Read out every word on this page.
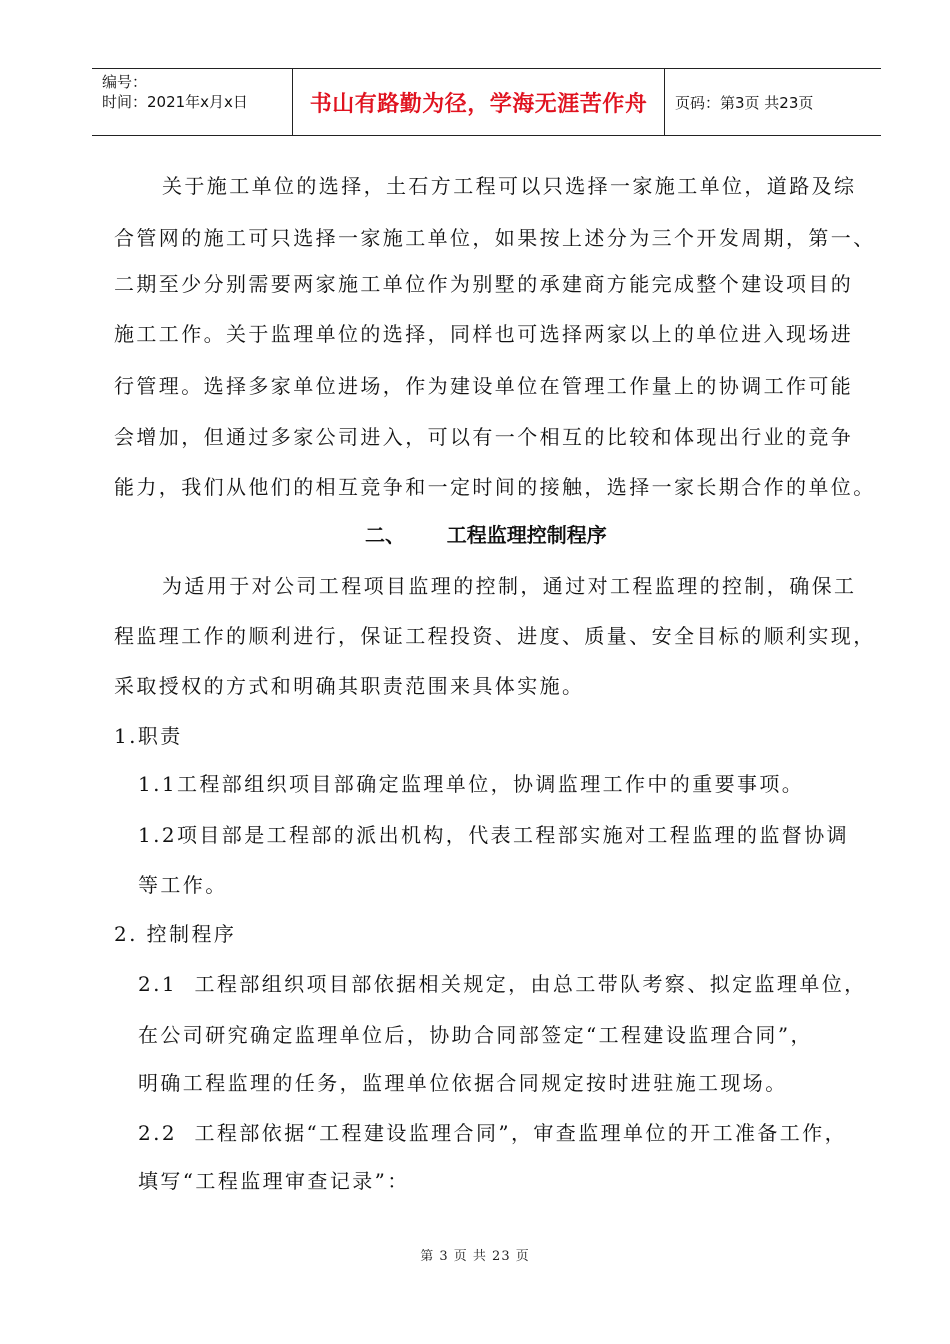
编号：
时间：2021年x月x日	书山有路勤为径，学海无涯苦作舟 页码：第3页 共23页
关于施工单位的选择，土石方工程可以只选择一家施工单位，道路及综
合管网的施工可只选择一家施工单位，如果按上述分为三个开发周期，第一、
二期至少分别需要两家施工单位作为别墅的承建商方能完成整个建设项目的
施工工作。关于监理单位的选择，同样也可选择两家以上的单位进入现场进
行管理。选择多家单位进场，作为建设单位在管理工作量上的协调工作可能
会增加，但通过多家公司进入，可以有一个相互的比较和体现出行业的竞争
能力，我们从他们的相互竞争和一定时间的接触，选择一家长期合作的单位。
二、      工程监理控制程序
为适用于对公司工程项目监理的控制，通过对工程监理的控制，确保工
程监理工作的顺利进行，保证工程投资、进度、质量、安全目标的顺利实现，
采取授权的方式和明确其职责范围来具体实施。
1.职责
1.1工程部组织项目部确定监理单位，协调监理工作中的重要事项。
1.2项目部是工程部的派出机构，代表工程部实施对工程监理的监督协调
等工作。
2. 控制程序
2.1  工程部组织项目部依据相关规定，由总工带队考察、拟定监理单位，
在公司研究确定监理单位后，协助合同部签定“工程建设监理合同”，
明确工程监理的任务，监理单位依据合同规定按时进驻施工现场。
2.2  工程部依据“工程建设监理合同”，审查监理单位的开工准备工作，
填写“工程监理审查记录”：
第 3 页 共 23 页
